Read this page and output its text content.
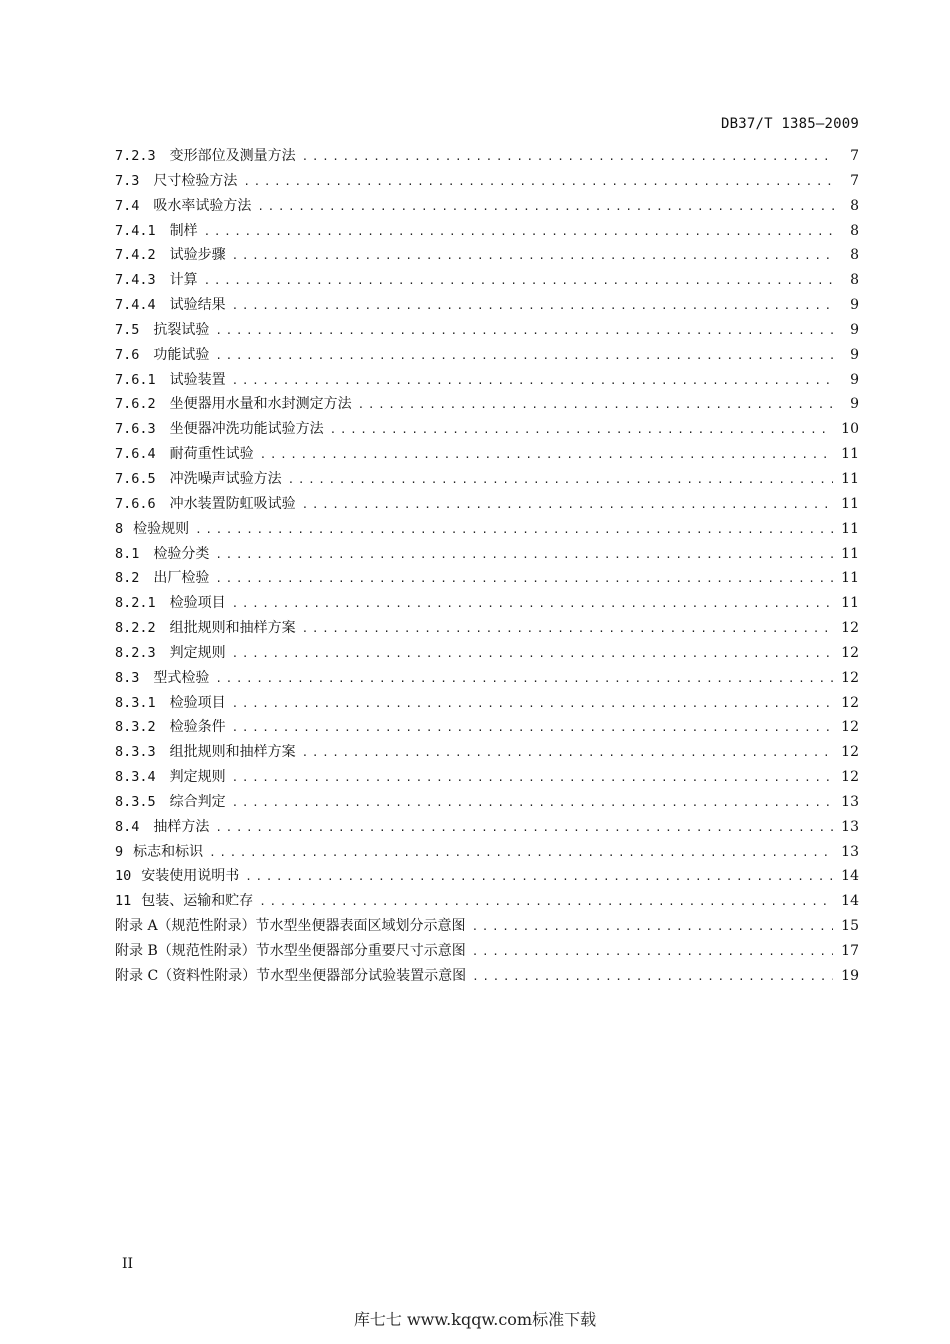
DB37/T 1385—2009
7.2.3 变形部位及测量方法 .....	7
7.3 尺寸检验方法 .....	7
7.4 吸水率试验方法 .....	8
7.4.1 制样 .....	8
7.4.2 试验步骤 .....	8
7.4.3 计算 .....	8
7.4.4 试验结果 .....	9
7.5 抗裂试验 .....	9
7.6 功能试验 .....	9
7.6.1 试验装置 .....	9
7.6.2 坐便器用水量和水封测定方法 .....	9
7.6.3 坐便器冲洗功能试验方法 .....	10
7.6.4 耐荷重性试验 .....	11
7.6.5 冲洗噪声试验方法 .....	11
7.6.6 冲水装置防虹吸试验 .....	11
8 检验规则 .....	11
8.1 检验分类 .....	11
8.2 出厂检验 .....	11
8.2.1 检验项目 .....	11
8.2.2 组批规则和抽样方案 .....	12
8.2.3 判定规则 .....	12
8.3 型式检验 .....	12
8.3.1 检验项目 .....	12
8.3.2 检验条件 .....	12
8.3.3 组批规则和抽样方案 .....	12
8.3.4 判定规则 .....	12
8.3.5 综合判定 .....	13
8.4 抽样方法 .....	13
9 标志和标识 .....	13
10 安装使用说明书 .....	14
11 包装、运输和贮存 .....	14
附录 A（规范性附录）节水型坐便器表面区域划分示意图 .....	15
附录 B（规范性附录）节水型坐便器部分重要尺寸示意图 .....	17
附录 C（资料性附录）节水型坐便器部分试验装置示意图 .....	19
II
库七七 www.kqqw.com标准下载
